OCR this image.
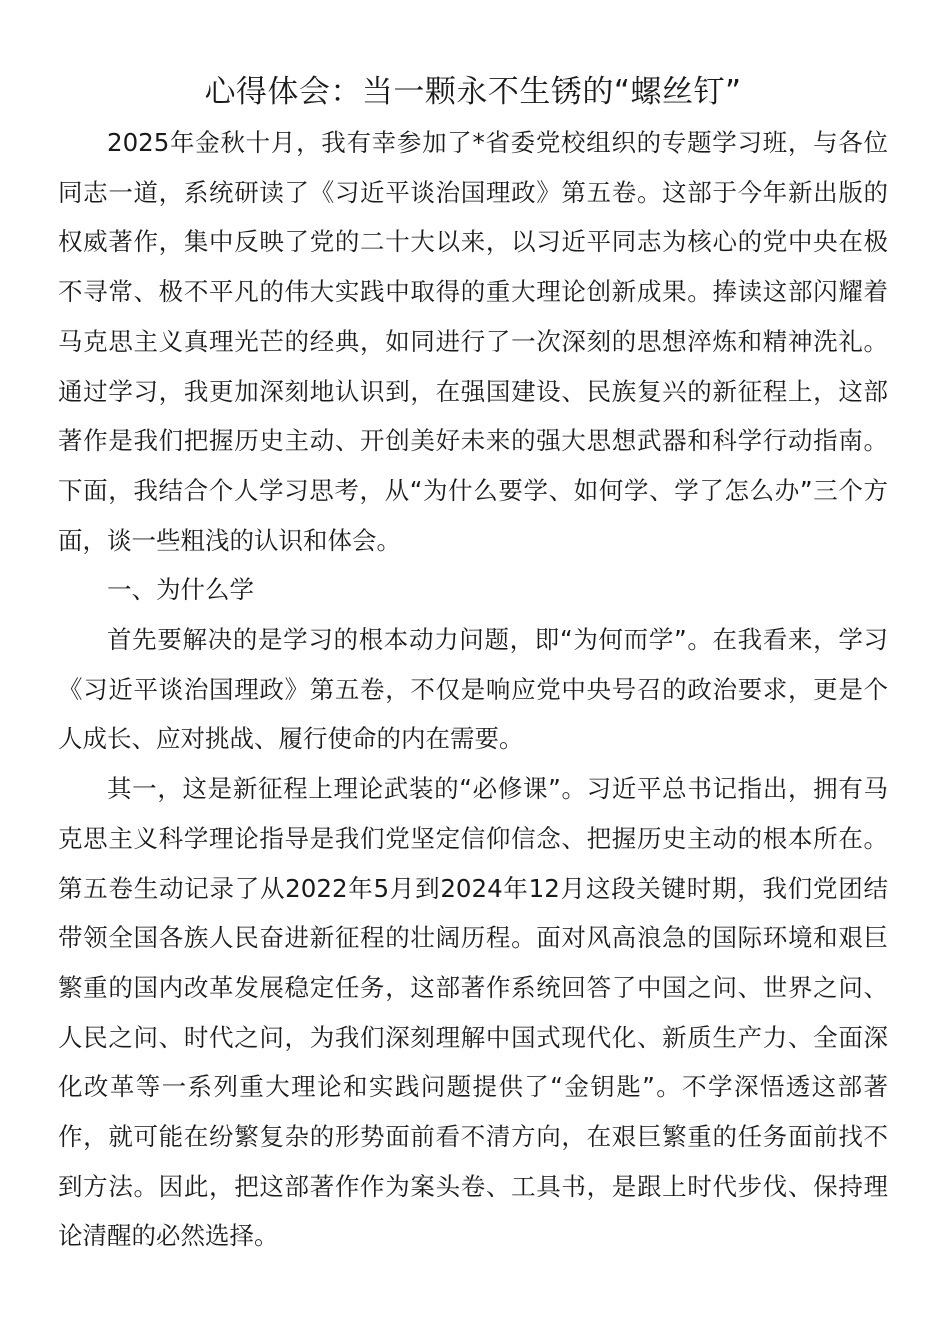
心得体会：当一颗永不生锈的“螺丝钉”

2025年金秋十月，我有幸参加了*省委党校组织的专题学习班，与各位同志一道，系统研读了《习近平谈治国理政》第五卷。这部于今年新出版的权威著作，集中反映了党的二十大以来，以习近平同志为核心的党中央在极不寻常、极不平凡的伟大实践中取得的重大理论创新成果。捧读这部闪耀着马克思主义真理光芒的经典，如同进行了一次深刻的思想淬炼和精神洗礼。通过学习，我更加深刻地认识到，在强国建设、民族复兴的新征程上，这部著作是我们把握历史主动、开创美好未来的强大思想武器和科学行动指南。下面，我结合个人学习思考，从“为什么要学、如何学、学了怎么办”三个方面，谈一些粗浅的认识和体会。

一、为什么学

首先要解决的是学习的根本动力问题，即“为何而学”。在我看来，学习《习近平谈治国理政》第五卷，不仅是响应党中央号召的政治要求，更是个人成长、应对挑战、履行使命的内在需要。

其一，这是新征程上理论武装的“必修课”。习近平总书记指出，拥有马克思主义科学理论指导是我们党坚定信仰信念、把握历史主动的根本所在。第五卷生动记录了从2022年5月到2024年12月这段关键时期，我们党团结带领全国各族人民奋进新征程的壮阔历程。面对风高浪急的国际环境和艰巨繁重的国内改革发展稳定任务，这部著作系统回答了中国之问、世界之问、人民之问、时代之问，为我们深刻理解中国式现代化、新质生产力、全面深化改革等一系列重大理论和实践问题提供了“金钥匙”。不学深悟透这部著作，就可能在纷繁复杂的形势面前看不清方向，在艰巨繁重的任务面前找不到方法。因此，把这部著作作为案头卷、工具书，是跟上时代步伐、保持理论清醒的必然选择。
